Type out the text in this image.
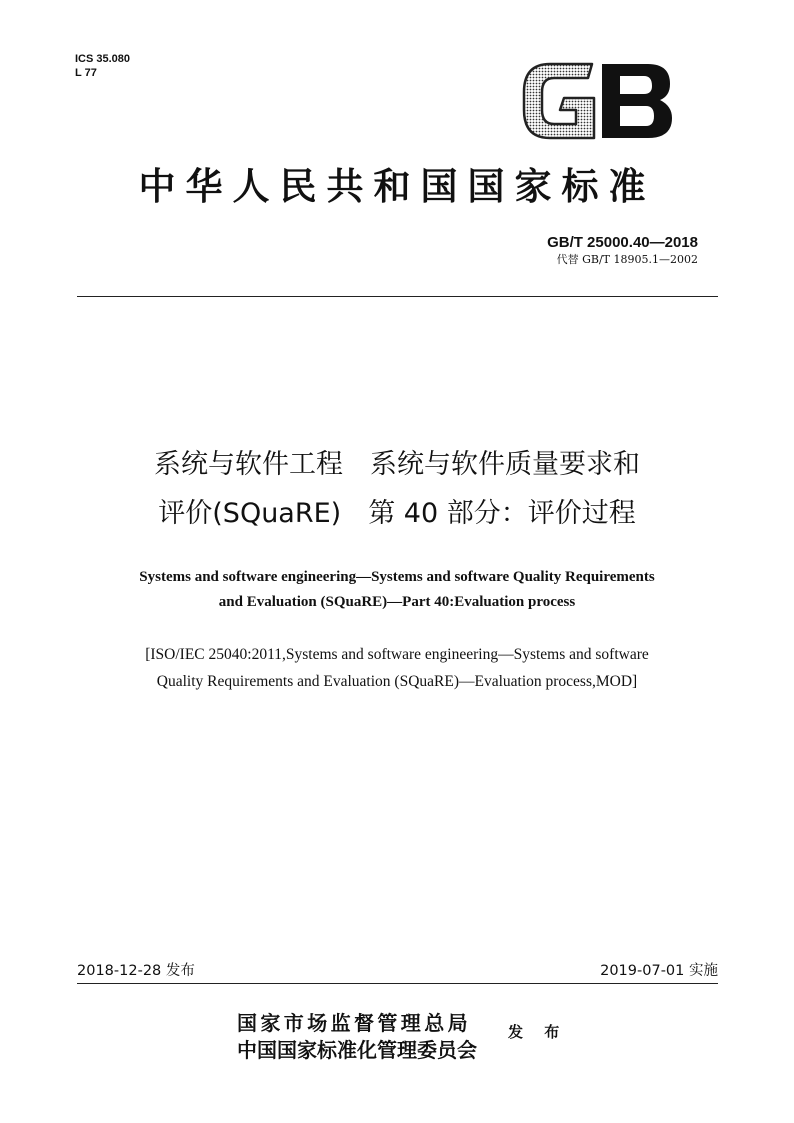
ICS 35.080
L 77
中华人民共和国国家标准
GB/T 25000.40—2018
代替 GB/T 18905.1—2002
系统与软件工程　系统与软件质量要求和
评价(SQuaRE)　第 40 部分：评价过程
Systems and software engineering—Systems and software Quality Requirements
and Evaluation (SQuaRE)—Part 40:Evaluation process
[ISO/IEC 25040:2011,Systems and software engineering—Systems and software
Quality Requirements and Evaluation (SQuaRE)—Evaluation process,MOD]
2018-12-28 发布	2019-07-01 实施
国家市场监督管理总局
中国国家标准化管理委员会
发 布
